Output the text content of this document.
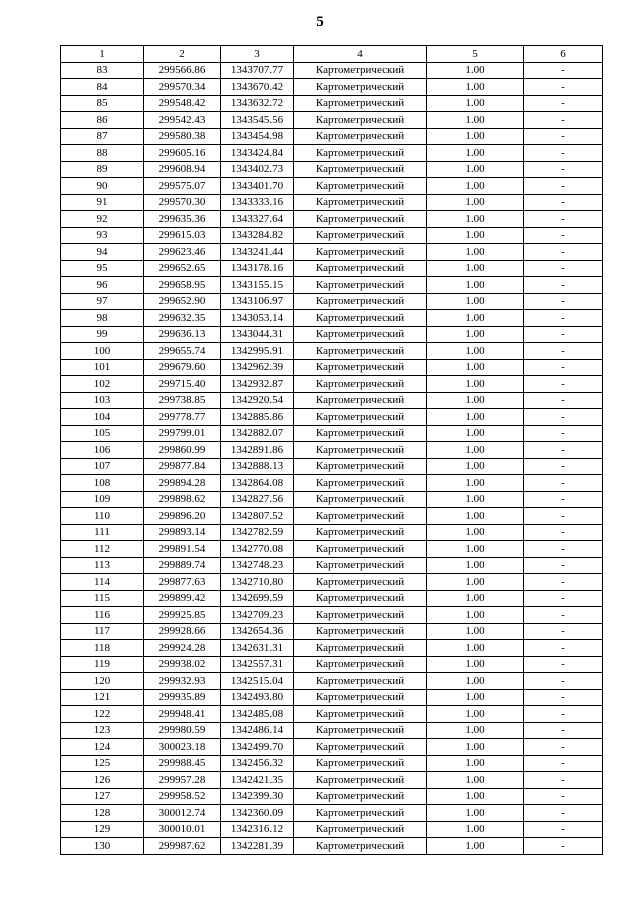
5
1	2	3	4	5	6
83	299566.86	1343707.77	Картометрический	1.00	-
84	299570.34	1343670.42	Картометрический	1.00	-
85	299548.42	1343632.72	Картометрический	1.00	-
86	299542.43	1343545.56	Картометрический	1.00	-
87	299580.38	1343454.98	Картометрический	1.00	-
88	299605.16	1343424.84	Картометрический	1.00	-
89	299608.94	1343402.73	Картометрический	1.00	-
90	299575.07	1343401.70	Картометрический	1.00	-
91	299570.30	1343333.16	Картометрический	1.00	-
92	299635.36	1343327.64	Картометрический	1.00	-
93	299615.03	1343284.82	Картометрический	1.00	-
94	299623.46	1343241.44	Картометрический	1.00	-
95	299652.65	1343178.16	Картометрический	1.00	-
96	299658.95	1343155.15	Картометрический	1.00	-
97	299652.90	1343106.97	Картометрический	1.00	-
98	299632.35	1343053.14	Картометрический	1.00	-
99	299636.13	1343044.31	Картометрический	1.00	-
100	299655.74	1342995.91	Картометрический	1.00	-
101	299679.60	1342962.39	Картометрический	1.00	-
102	299715.40	1342932.87	Картометрический	1.00	-
103	299738.85	1342920.54	Картометрический	1.00	-
104	299778.77	1342885.86	Картометрический	1.00	-
105	299799.01	1342882.07	Картометрический	1.00	-
106	299860.99	1342891.86	Картометрический	1.00	-
107	299877.84	1342888.13	Картометрический	1.00	-
108	299894.28	1342864.08	Картометрический	1.00	-
109	299898.62	1342827.56	Картометрический	1.00	-
110	299896.20	1342807.52	Картометрический	1.00	-
111	299893.14	1342782.59	Картометрический	1.00	-
112	299891.54	1342770.08	Картометрический	1.00	-
113	299889.74	1342748.23	Картометрический	1.00	-
114	299877.63	1342710.80	Картометрический	1.00	-
115	299899.42	1342699.59	Картометрический	1.00	-
116	299925.85	1342709.23	Картометрический	1.00	-
117	299928.66	1342654.36	Картометрический	1.00	-
118	299924.28	1342631.31	Картометрический	1.00	-
119	299938.02	1342557.31	Картометрический	1.00	-
120	299932.93	1342515.04	Картометрический	1.00	-
121	299935.89	1342493.80	Картометрический	1.00	-
122	299948.41	1342485.08	Картометрический	1.00	-
123	299980.59	1342486.14	Картометрический	1.00	-
124	300023.18	1342499.70	Картометрический	1.00	-
125	299988.45	1342456.32	Картометрический	1.00	-
126	299957.28	1342421.35	Картометрический	1.00	-
127	299958.52	1342399.30	Картометрический	1.00	-
128	300012.74	1342360.09	Картометрический	1.00	-
129	300010.01	1342316.12	Картометрический	1.00	-
130	299987.62	1342281.39	Картометрический	1.00	-
